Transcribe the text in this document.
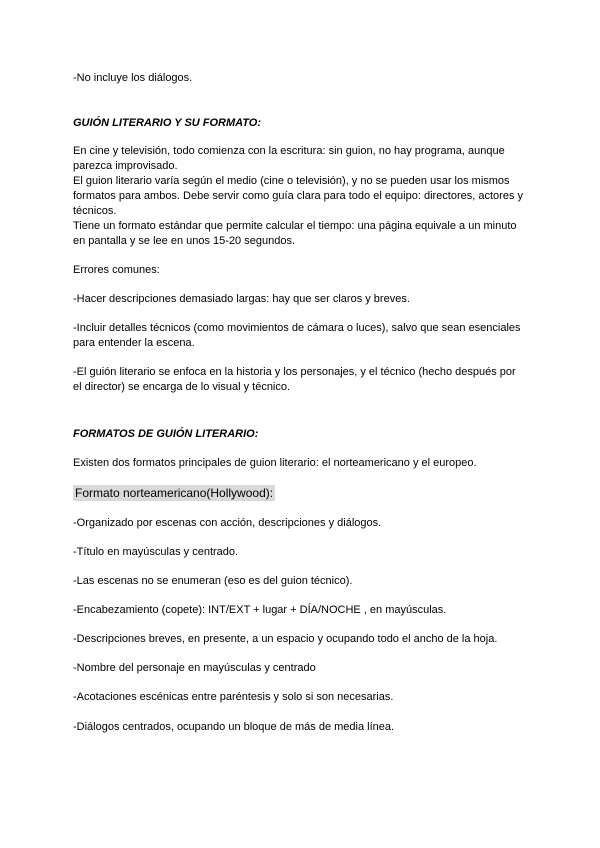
-No incluye los diálogos.

GUIÓN LITERARIO Y SU FORMATO:

En cine y televisión, todo comienza con la escritura: sin guion, no hay programa, aunque
parezca improvisado.
El guion literario varía según el medio (cine o televisión), y no se pueden usar los mismos
formatos para ambos. Debe servir como guía clara para todo el equipo: directores, actores y
técnicos.
Tiene un formato estándar que permite calcular el tiempo: una página equivale a un minuto
en pantalla y se lee en unos 15-20 segundos.

Errores comunes:

-Hacer descripciones demasiado largas: hay que ser claros y breves.

-Incluir detalles técnicos (como movimientos de cámara o luces), salvo que sean esenciales
para entender la escena.
-El guión literario se enfoca en la historia y los personajes, y el técnico (hecho después por
el director) se encarga de lo visual y técnico.

FORMATOS DE GUIÓN LITERARIO:

Existen dos formatos principales de guion literario: el norteamericano y el europeo.

Formato norteamericano(Hollywood):

-Organizado por escenas con acción, descripciones y diálogos.

-Título en mayúsculas y centrado.

-Las escenas no se enumeran (eso es del guion técnico).

-Encabezamiento (copete): INT/EXT + lugar + DÍA/NOCHE , en mayúsculas.

-Descripciones breves, en presente, a un espacio y ocupando todo el ancho de la hoja.

-Nombre del personaje en mayúsculas y centrado

-Acotaciones escénicas entre paréntesis y solo si son necesarias.

-Diálogos centrados, ocupando un bloque de más de media línea.
